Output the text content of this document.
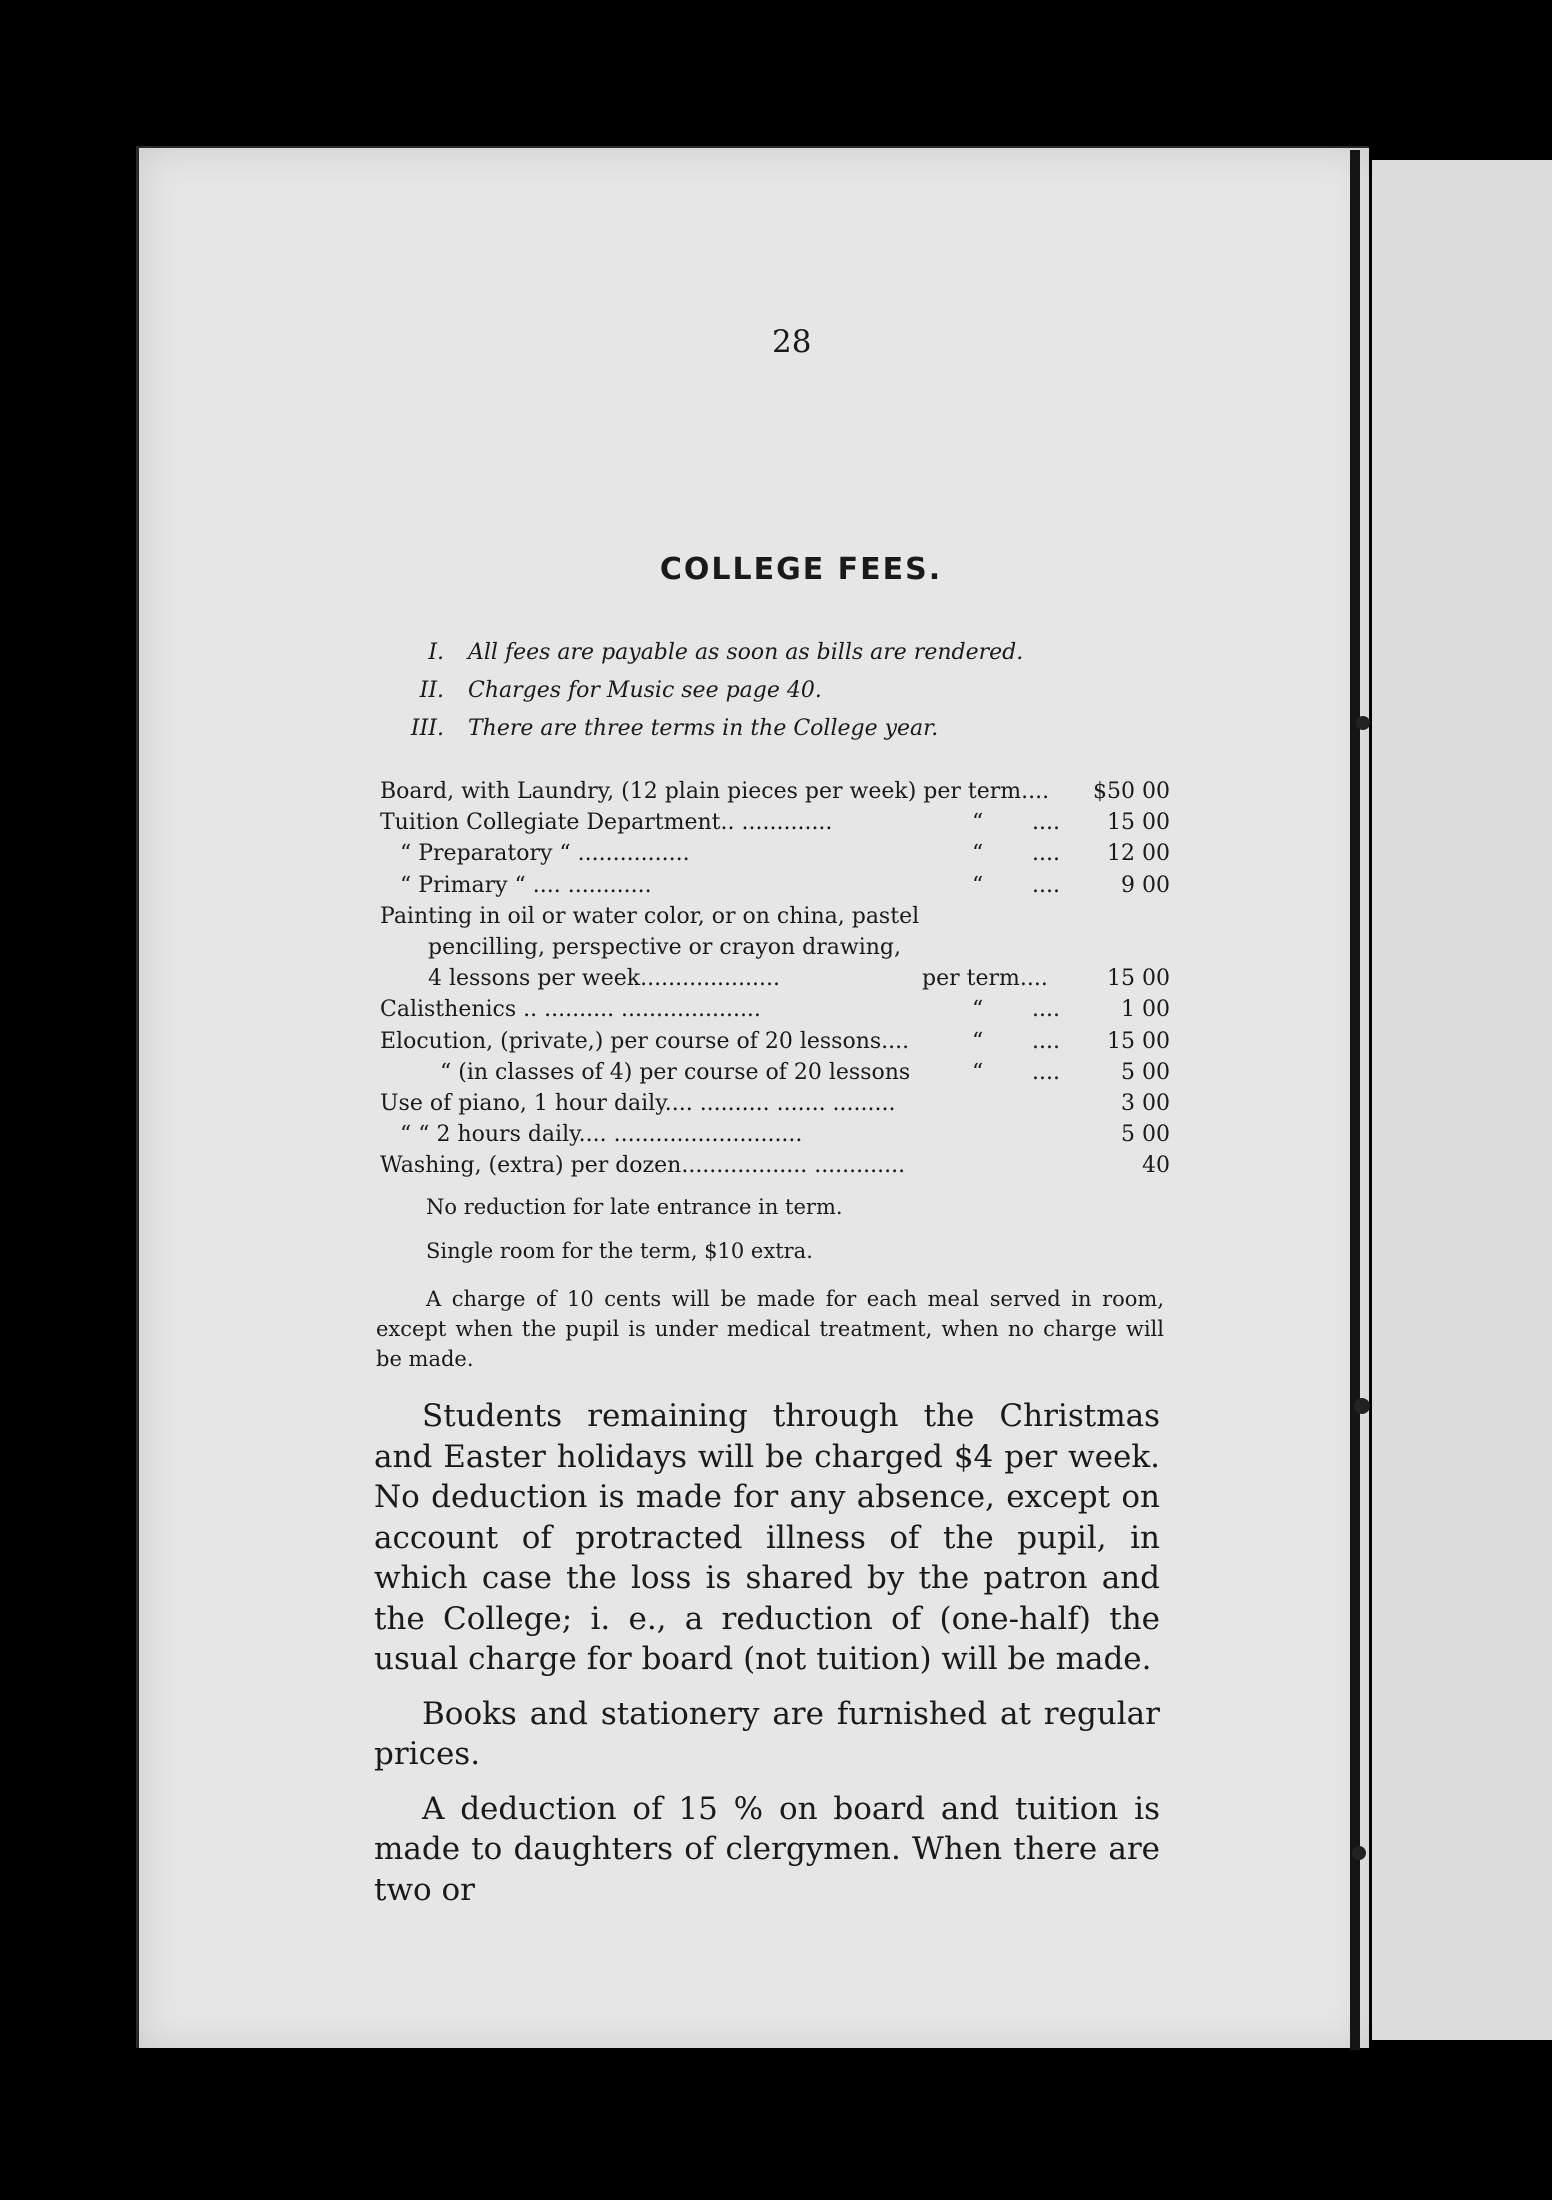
28
COLLEGE FEES.
I. All fees are payable as soon as bills are rendered.
II. Charges for Music see page 40.
III. There are three terms in the College year.
Board, with Laundry, (12 plain pieces per week) per term.... $50 00
Tuition Collegiate Department.. .............	“ .... 15 00
“ Preparatory “ ................	“ .... 12 00
“ Primary “ .... ............	“ ....	9 00
Painting in oil or water color, or on china, pastel
pencilling, perspective or crayon drawing,
4 lessons per week....................	per term....	15 00
Calisthenics .. .......... ....................	“ ....	1 00
Elocution, (private,) per course of 20 lessons....	“ .... 15 00
“ (in classes of 4) per course of 20 lessons	“ ....	5 00
Use of piano, 1 hour daily.... .......... ....... .........	3 00
“ “ 2 hours daily.... ...........................	5 00
Washing, (extra) per dozen.................. .............	40
No reduction for late entrance in term.
Single room for the term, $10 extra.
A charge of 10 cents will be made for each meal served in room, except when the pupil is under medical treatment, when no charge will be made.

Students remaining through the Christmas and Easter holidays will be charged $4 per week. No deduction is made for any absence, except on account of protracted illness of the pupil, in which case the loss is shared by the patron and the College; i. e., a reduction of (one-half) the usual charge for board (not tuition) will be made.

Books and stationery are furnished at regular prices.

A deduction of 15 % on board and tuition is made to daughters of clergymen. When there are two or
